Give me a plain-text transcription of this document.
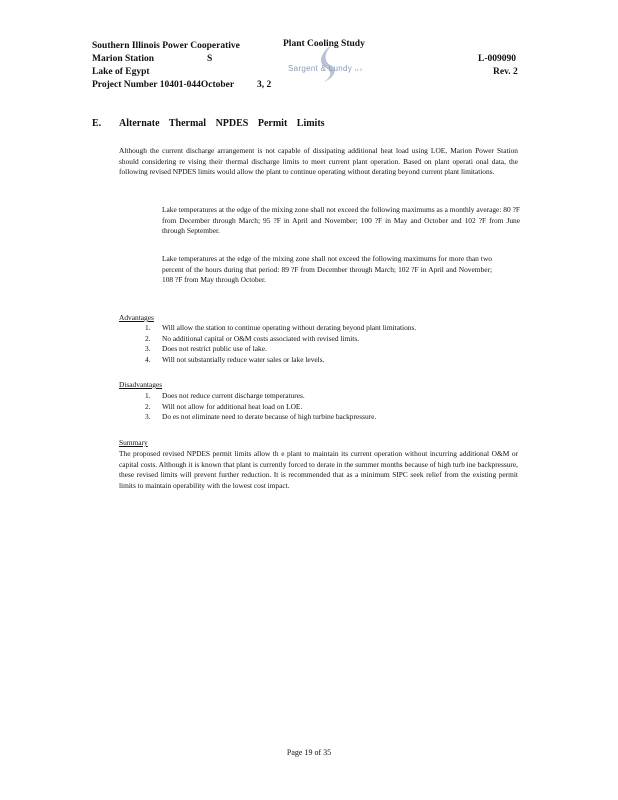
Southern Illinois Power Cooperative	Plant Cooling Study
Marion Station	S
Lake of Egypt
Project Number 10401-044October 3, 2
L-009090
Rev. 2
Sargent & Lundy LLC
E. Alternate Thermal NPDES Permit Limits
Although the current discharge arrangement is not capable of dissipating additional heat load using LOE, Marion Power Station should considering re vising their thermal discharge limits to meet current plant operation. Based on plant operati onal data, the following revised NPDES limits would allow the plant to continue operating without derating beyond current plant limitations.
Lake temperatures at the edge of the mixing zone shall not exceed the following maximums as a monthly average: 80 ?F from December through March; 95 ?F in April and November; 100 ?F in May and October and 102 ?F from June through September.
Lake temperatures at the edge of the mixing zone shall not exceed the following maximums for more than two percent of the hours during that period: 89 ?F from December through March; 102 ?F in April and November; 108 ?F from May through October.
Advantages
1. Will allow the station to continue operating without derating beyond plant limitations.
2. No additional capital or O&M costs associated with revised limits.
3. Does not restrict public use of lake.
4. Will not substantially reduce water sales or lake levels.
Disadvantages
1. Does not reduce current discharge temperatures.
2. Will not allow for additional heat load on LOE.
3. Do es not eliminate need to derate because of high turbine backpressure.
Summary
The proposed revised NPDES permit limits allow th e plant to maintain its current operation without incurring additional O&M or capital costs. Although it is known that plant is currently forced to derate in the summer months because of high turb ine backpressure, these revised limits will prevent further reduction. It is recommended that as a minimum SIPC seek relief from the existing permit limits to maintain operability with the lowest cost impact.
Page 19 of 35
